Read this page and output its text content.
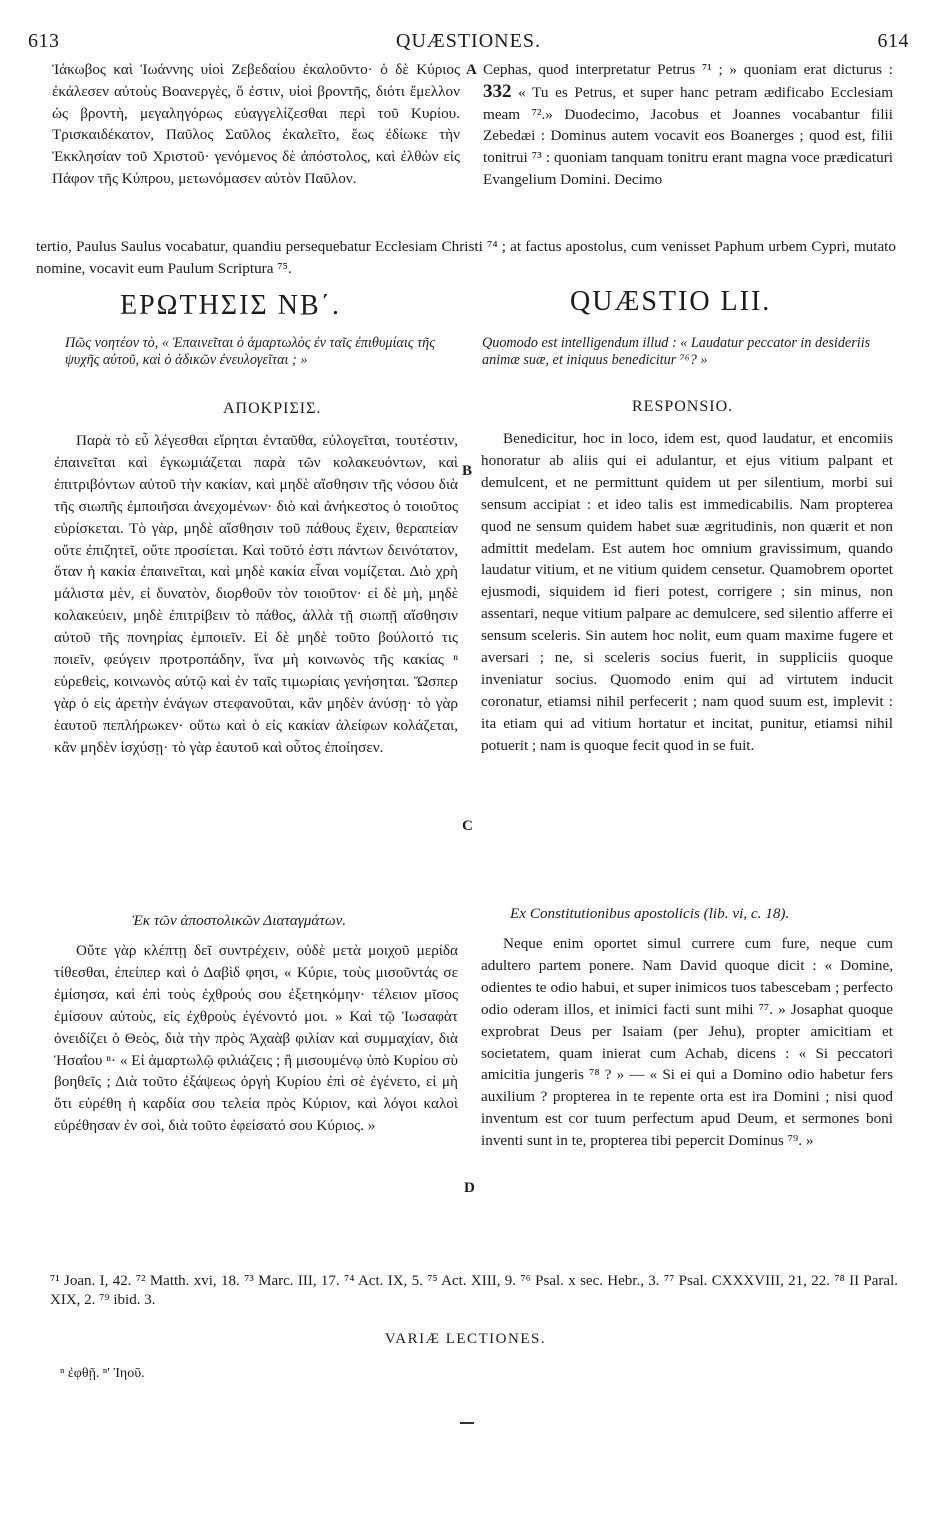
613	QUÆSTIONES.	614

Ἰάκωβος καὶ Ἰωάννης υἱοὶ Ζεβεδαίου ἐκαλοῦντο· ὁ δὲ Κύριος ἐκάλεσεν αὐτοὺς Βοανεργὲς, ὅ ἐστιν, υἱοὶ βροντῆς, διότι ἔμελλον ὡς βροντὴ, μεγαληγόρως εὐαγγελίζεσθαι περὶ τοῦ Κυρίου. Τρισκαιδέκατον, Παῦλος Σαῦλος ἐκαλεῖτο, ἕως ἐδίωκε τὴν Ἐκκλησίαν τοῦ Χριστοῦ· γενόμενος δὲ ἀπόστολος, καὶ ἐλθὼν εἰς Πάφον τῆς Κύπρου, μετωνόμασεν αὐτὸν Παῦλον.

Cephas, quod interpretatur Petrus ⁷¹ ; » quoniam erat dicturus : 332 « Tu es Petrus, et super hanc petram ædificabo Ecclesiam meam ⁷².» Duodecimo, Jacobus et Joannes vocabantur filii Zebedæi : Dominus autem vocavit eos Boanerges ; quod est, filii tonitrui ⁷³ : quoniam tanquam tonitru erant magna voce prædicaturi Evangelium Domini. Decimo

tertio, Paulus Saulus vocabatur, quandiu persequebatur Ecclesiam Christi ⁷⁴ ; at factus apostolus, cum venisset Paphum urbem Cypri, mutato nomine, vocavit eum Paulum Scriptura ⁷⁵.
A
B
C
D
ΕΡΩΤΗΣΙΣ ΝΒ΄.	QUÆSTIO LII.
Πῶς νοητέον τὸ, « Ἐπαινεῖται ὁ ἁμαρτωλὸς ἐν ταῖς ἐπιθυμίαις τῆς ψυχῆς αὐτοῦ, καὶ ὁ ἀδικῶν ἐνευλογεῖται ; »
Quomodo est intelligendum illud : « Laudatur peccator in desideriis animæ suæ, et iniquus benedicitur ⁷⁶? »
ΑΠΟΚΡΙΣΙΣ.	RESPONSIO.

Παρὰ τὸ εὖ λέγεσθαι εἴρηται ἐνταῦθα, εὐλογεῖται, τουτέστιν, ἐπαινεῖται καὶ ἐγκωμιάζεται παρὰ τῶν κολακευόντων, καὶ ἐπιτριβόντων αὐτοῦ τὴν κακίαν, καὶ μηδὲ αἴσθησιν τῆς νόσου διὰ τῆς σιωπῆς ἐμποιῆσαι ἀνεχομένων· διὸ καὶ ἀνήκεστος ὁ τοιοῦτος εὑρίσκεται. Τὸ γὰρ, μηδὲ αἴσθησιν τοῦ πάθους ἔχειν, θεραπείαν οὔτε ἐπιζητεῖ, οὔτε προσίεται. Καὶ τοῦτό ἐστι πάντων δεινότατον, ὅταν ἡ κακία ἐπαινεῖται, καὶ μηδὲ κακία εἶναι νομίζεται. Διὸ χρὴ μάλιστα μὲν, εἰ δυνατὸν, διορθοῦν τὸν τοιοῦτον· εἰ δὲ μὴ, μηδὲ κολακεύειν, μηδὲ ἐπιτρίβειν τὸ πάθος, ἀλλὰ τῇ σιωπῇ αἴσθησιν αὐτοῦ τῆς πονηρίας ἐμποιεῖν. Εἰ δὲ μηδὲ τοῦτο βούλοιτό τις ποιεῖν, φεύγειν προτροπάδην, ἵνα μὴ κοινωνὸς τῆς κακίας ⁿ εὑρεθεὶς, κοινωνὸς αὐτῷ καὶ ἐν ταῖς τιμωρίαις γενήσηται. Ὥσπερ γὰρ ὁ εἰς ἀρετὴν ἐνάγων στεφανοῦται, κἂν μηδὲν ἀνύσῃ· τὸ γὰρ ἑαυτοῦ πεπλήρωκεν· οὕτω καὶ ὁ εἰς κακίαν ἀλείφων κολάζεται, κἂν μηδὲν ἰσχύσῃ· τὸ γὰρ ἑαυτοῦ καὶ οὗτος ἐποίησεν.

Benedicitur, hoc in loco, idem est, quod laudatur, et encomiis honoratur ab aliis qui ei adulantur, et ejus vitium palpant et demulcent, et ne permittunt quidem ut per silentium, morbi sui sensum accipiat : et ideo talis est immedicabilis. Nam propterea quod ne sensum quidem habet suæ ægritudinis, non quærit et non admittit medelam. Est autem hoc omnium gravissimum, quando laudatur vitium, et ne vitium quidem censetur. Quamobrem oportet ejusmodi, siquidem id fieri potest, corrigere ; sin minus, non assentari, neque vitium palpare ac demulcere, sed silentio afferre ei sensum sceleris. Sin autem hoc nolit, eum quam maxime fugere et aversari ; ne, si sceleris socius fuerit, in suppliciis quoque inveniatur socius. Quomodo enim qui ad virtutem inducit coronatur, etiamsi nihil perfecerit ; nam quod suum est, implevit : ita etiam qui ad vitium hortatur et incitat, punitur, etiamsi nihil potuerit ; nam is quoque fecit quod in se fuit.

Ἐκ τῶν ἀποστολικῶν Διαταγμάτων.	Ex Constitutionibus apostolicis (lib. vi, c. 18).

Οὔτε γὰρ κλέπτῃ δεῖ συντρέχειν, οὐδὲ μετὰ μοιχοῦ μερίδα τίθεσθαι, ἐπείπερ καὶ ὁ Δαβὶδ φησι, « Κύριε, τοὺς μισοῦντάς σε ἐμίσησα, καὶ ἐπὶ τοὺς ἐχθρούς σου ἐξετηκόμην· τέλειον μῖσος ἐμίσουν αὐτοὺς, εἰς ἐχθροὺς ἐγένοντό μοι. » Καὶ τῷ Ἰωσαφὰτ ὀνειδίζει ὁ Θεὸς, διὰ τὴν πρὸς Ἀχαὰβ φιλίαν καὶ συμμαχίαν, διὰ Ἡσαΐου ⁿ· « Εἰ ἁμαρτωλῷ φιλιάζεις ; ἢ μισουμένῳ ὑπὸ Κυρίου σὺ βοηθεῖς ; Διὰ τοῦτο ἐξάψεως ὀργὴ Κυρίου ἐπὶ σὲ ἐγένετο, εἰ μὴ ὅτι εὑρέθη ἡ καρδία σου τελεία πρὸς Κύριον, καὶ λόγοι καλοὶ εὑρέθησαν ἐν σοὶ, διὰ τοῦτο ἐφείσατό σου Κύριος. »

Neque enim oportet simul currere cum fure, neque cum adultero partem ponere. Nam David quoque dicit : « Domine, odientes te odio habui, et super inimicos tuos tabescebam ; perfecto odio oderam illos, et inimici facti sunt mihi ⁷⁷. » Josaphat quoque exprobrat Deus per Isaiam (per Jehu), propter amicitiam et societatem, quam inierat cum Achab, dicens : « Si peccatori amicitia jungeris ⁷⁸ ? » — « Si ei qui a Domino odio habetur fers auxilium ? propterea in te repente orta est ira Domini ; nisi quod inventum est cor tuum perfectum apud Deum, et sermones boni inventi sunt in te, propterea tibi pepercit Dominus ⁷⁹. »

⁷¹ Joan. I, 42. ⁷² Matth. xvi, 18. ⁷³ Marc. III, 17. ⁷⁴ Act. IX, 5. ⁷⁵ Act. XIII, 9. ⁷⁶ Psal. x sec. Hebr., 3. ⁷⁷ Psal. CXXXVIII, 21, 22. ⁷⁸ II Paral. XIX, 2. ⁷⁹ ibid. 3.
VARIÆ LECTIONES.
ⁿ ἐφθῇ. ⁿ' Ἰηοῦ.
